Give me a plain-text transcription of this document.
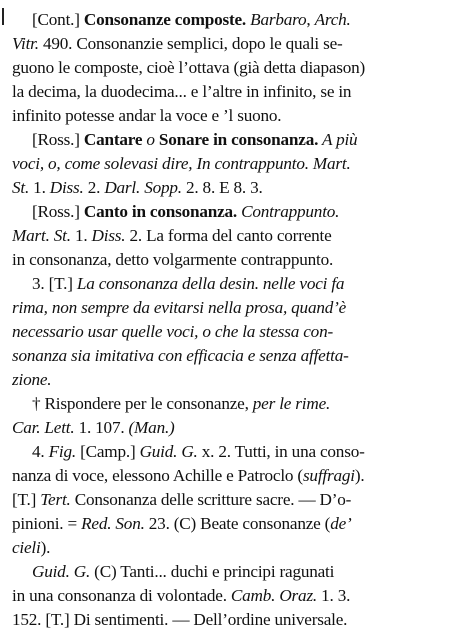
[Cont.] Consonanze composte. Barbaro, Arch.
Vitr. 490. Consonanzie semplici, dopo le quali se-
guono le composte, cioè l’ottava (già detta diapason)
la decima, la duodecima... e l’altre in infinito, se in
infinito potesse andar la voce e ’l suono.
[Ross.] Cantare o Sonare in consonanza. A più
voci, o, come solevasi dire, In contrappunto. Mart.
St. 1. Diss. 2. Darl. Sopp. 2. 8. E 8. 3.
[Ross.] Canto in consonanza. Contrappunto.
Mart. St. 1. Diss. 2. La forma del canto corrente
in consonanza, detto volgarmente contrappunto.
3. [T.] La consonanza della desin. nelle voci fa
rima, non sempre da evitarsi nella prosa, quand’è
necessario usar quelle voci, o che la stessa con-
sonanza sia imitativa con efficacia e senza affetta-
zione.
† Rispondere per le consonanze, per le rime.
Car. Lett. 1. 107. (Man.)
4. Fig. [Camp.] Guid. G. x. 2. Tutti, in una conso-
nanza di voce, elessono Achille e Patroclo (suffragi).
[T.] Tert. Consonanza delle scritture sacre. — D’o-
pinioni. = Red. Son. 23. (C) Beate consonanze (de’
cieli).
Guid. G. (C) Tanti... duchi e principi ragunati
in una consonanza di volontade. Camb. Oraz. 1. 3.
152. [T.] Di sentimenti. — Dell’ordine universale.
